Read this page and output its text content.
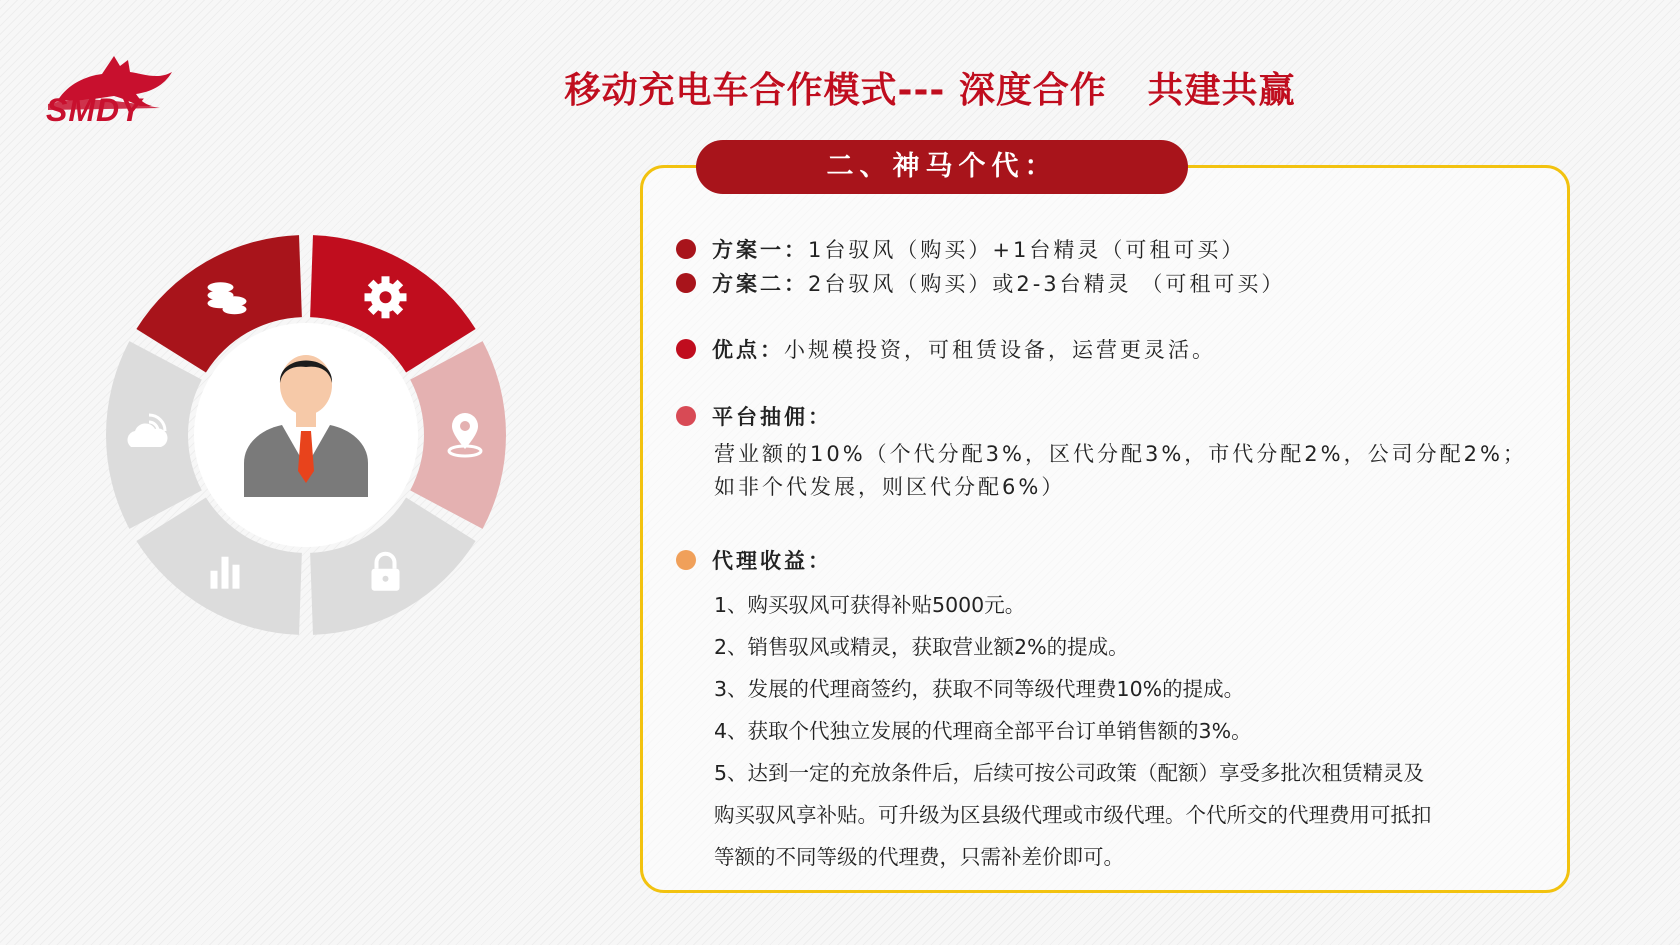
SMDY	移动充电车合作模式--- 深度合作   共建共赢
二、神马个代：
方案一：1台驭风（购买）+1台精灵（可租可买）
方案二：2台驭风（购买）或2-3台精灵 （可租可买）
优点：小规模投资，可租赁设备，运营更灵活。
平台抽佣：
营业额的10%（个代分配3%，区代分配3%，市代分配2%，公司分配2%；
如非个代发展，则区代分配6%）
代理收益：
1、购买驭风可获得补贴5000元。
2、销售驭风或精灵，获取营业额2%的提成。
3、发展的代理商签约，获取不同等级代理费10%的提成。
4、获取个代独立发展的代理商全部平台订单销售额的3%。
5、达到一定的充放条件后，后续可按公司政策（配额）享受多批次租赁精灵及
购买驭风享补贴。可升级为区县级代理或市级代理。个代所交的代理费用可抵扣
等额的不同等级的代理费，只需补差价即可。
